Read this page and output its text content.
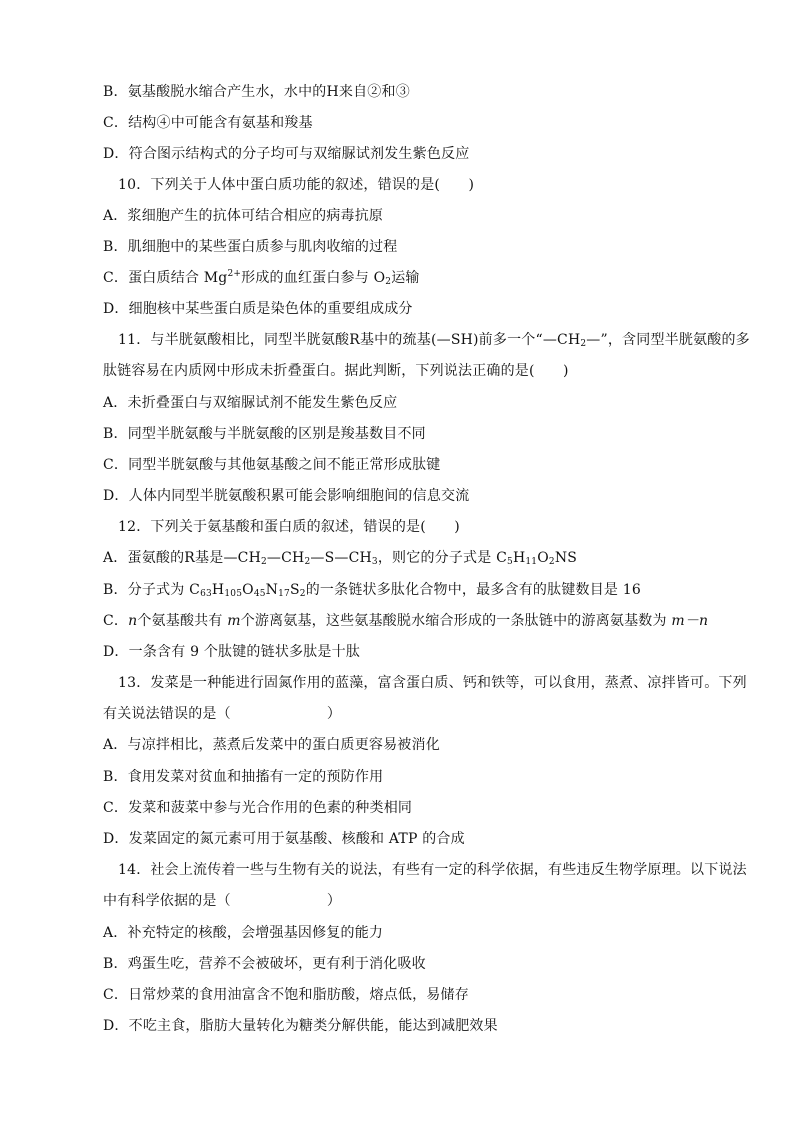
B．氨基酸脱水缩合产生水，水中的H来自②和③
C．结构④中可能含有氨基和羧基
D．符合图示结构式的分子均可与双缩脲试剂发生紫色反应
10．下列关于人体中蛋白质功能的叙述，错误的是(　　)
A．浆细胞产生的抗体可结合相应的病毒抗原
B．肌细胞中的某些蛋白质参与肌肉收缩的过程
C．蛋白质结合 $Mg^{2+}$形成的血红蛋白参与 $O_2$运输
D．细胞核中某些蛋白质是染色体的重要组成成分
11．与半胱氨酸相比，同型半胱氨酸R基中的巯基(—SH)前多一个“$—CH_2—$”，含同型半胱氨酸的多
肽链容易在内质网中形成未折叠蛋白。据此判断，下列说法正确的是(　　)
A．未折叠蛋白与双缩脲试剂不能发生紫色反应
B．同型半胱氨酸与半胱氨酸的区别是羧基数目不同
C．同型半胱氨酸与其他氨基酸之间不能正常形成肽键
D．人体内同型半胱氨酸积累可能会影响细胞间的信息交流
12．下列关于氨基酸和蛋白质的叙述，错误的是(　　)
A．蛋氨酸的R基是$—CH_2—CH_2—S—CH_3$，则它的分子式是 $C_5H_{11}O_2NS$
B．分子式为 $C_{63}H_{105}O_{45}N_{17}S_2$的一条链状多肽化合物中，最多含有的肽键数目是 16
C．n个氨基酸共有 m个游离氨基，这些氨基酸脱水缩合形成的一条肽链中的游离氨基数为 m－n
D．一条含有 9 个肽键的链状多肽是十肽
13．发菜是一种能进行固氮作用的蓝藻，富含蛋白质、钙和铁等，可以食用，蒸煮、凉拌皆可。下列
有关说法错误的是（	）
A．与凉拌相比，蒸煮后发菜中的蛋白质更容易被消化
B．食用发菜对贫血和抽搐有一定的预防作用
C．发菜和菠菜中参与光合作用的色素的种类相同
D．发菜固定的氮元素可用于氨基酸、核酸和 ATP 的合成
14．社会上流传着一些与生物有关的说法，有些有一定的科学依据，有些违反生物学原理。以下说法
中有科学依据的是（	）
A．补充特定的核酸，会增强基因修复的能力
B．鸡蛋生吃，营养不会被破坏，更有利于消化吸收
C．日常炒菜的食用油富含不饱和脂肪酸，熔点低，易储存
D．不吃主食，脂肪大量转化为糖类分解供能，能达到减肥效果
